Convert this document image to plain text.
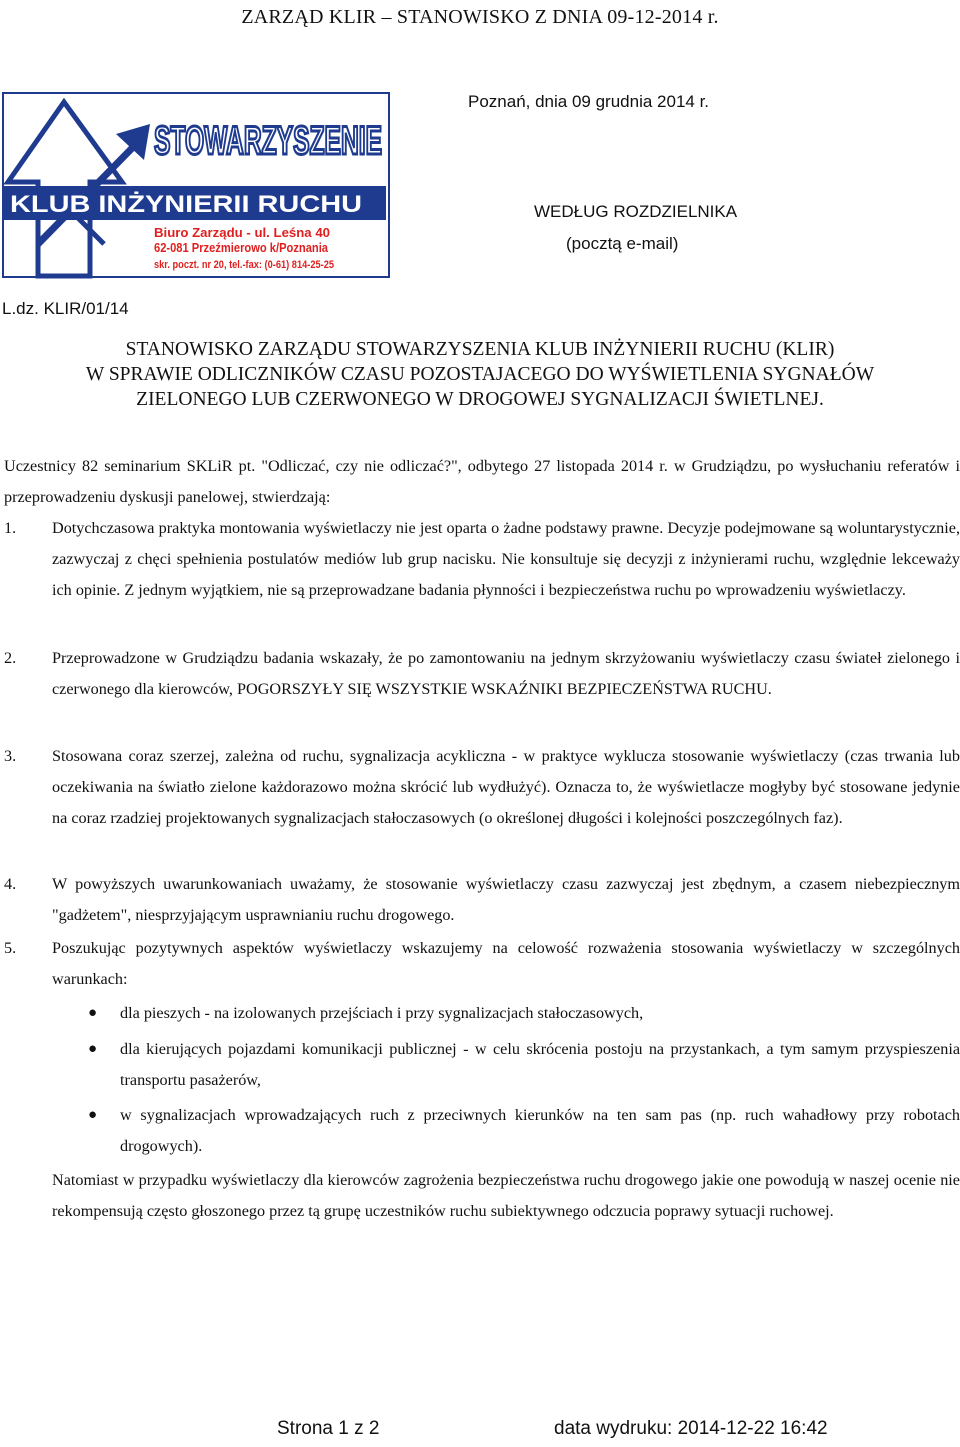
ZARZĄD KLIR – STANOWISKO Z DNIA 09-12-2014 r.
STOWARZYSZENIE
KLUB INŻYNIERII RUCHU
Biuro Zarządu - ul. Leśna 40
62-081 Przeźmierowo k/Poznania
skr. poczt. nr 20, tel.-fax: (0-61) 814-25-25
Poznań, dnia 09 grudnia 2014 r.
WEDŁUG ROZDZIELNIKA
(pocztą e-mail)
L.dz. KLIR/01/14
STANOWISKO ZARZĄDU STOWARZYSZENIA KLUB INŻYNIERII RUCHU (KLIR)
W SPRAWIE ODLICZNIKÓW CZASU POZOSTAJACEGO DO WYŚWIETLENIA SYGNAŁÓW
ZIELONEGO LUB CZERWONEGO W DROGOWEJ SYGNALIZACJI ŚWIETLNEJ.
Uczestnicy 82 seminarium SKLiR pt. "Odliczać, czy nie odliczać?", odbytego 27 listopada 2014 r. w Grudziądzu, po wysłuchaniu referatów i przeprowadzeniu dyskusji panelowej, stwierdzają:
1. Dotychczasowa praktyka montowania wyświetlaczy nie jest oparta o żadne podstawy prawne. Decyzje podejmowane są woluntarystycznie, zazwyczaj z chęci spełnienia postulatów mediów lub grup nacisku. Nie konsultuje się decyzji z inżynierami ruchu, względnie lekceważy ich opinie. Z jednym wyjątkiem, nie są przeprowadzane badania płynności i bezpieczeństwa ruchu po wprowadzeniu wyświetlaczy.
2. Przeprowadzone w Grudziądzu badania wskazały, że po zamontowaniu na jednym skrzyżowaniu wyświetlaczy czasu świateł zielonego i czerwonego dla kierowców, POGORSZYŁY SIĘ WSZYSTKIE WSKAŹNIKI BEZPIECZEŃSTWA RUCHU.
3. Stosowana coraz szerzej, zależna od ruchu, sygnalizacja acykliczna - w praktyce wyklucza stosowanie wyświetlaczy (czas trwania lub oczekiwania na światło zielone każdorazowo można skrócić lub wydłużyć). Oznacza to, że wyświetlacze mogłyby być stosowane jedynie na coraz rzadziej projektowanych sygnalizacjach stałoczasowych (o określonej długości i kolejności poszczególnych faz).
4. W powyższych uwarunkowaniach uważamy, że stosowanie wyświetlaczy czasu zazwyczaj jest zbędnym, a czasem niebezpiecznym "gadżetem", niesprzyjającym usprawnianiu ruchu drogowego.
5. Poszukując pozytywnych aspektów wyświetlaczy wskazujemy na celowość rozważenia stosowania wyświetlaczy w szczególnych warunkach:
● dla pieszych - na izolowanych przejściach i przy sygnalizacjach stałoczasowych,
● dla kierujących pojazdami komunikacji publicznej - w celu skrócenia postoju na przystankach, a tym samym przyspieszenia transportu pasażerów,
● w sygnalizacjach wprowadzających ruch z przeciwnych kierunków na ten sam pas (np. ruch wahadłowy przy robotach drogowych).
Natomiast w przypadku wyświetlaczy dla kierowców zagrożenia bezpieczeństwa ruchu drogowego jakie one powodują w naszej ocenie nie rekompensują często głoszonego przez tą grupę uczestników ruchu subiektywnego odczucia poprawy sytuacji ruchowej.
Strona 1 z 2	data wydruku: 2014-12-22 16:42
